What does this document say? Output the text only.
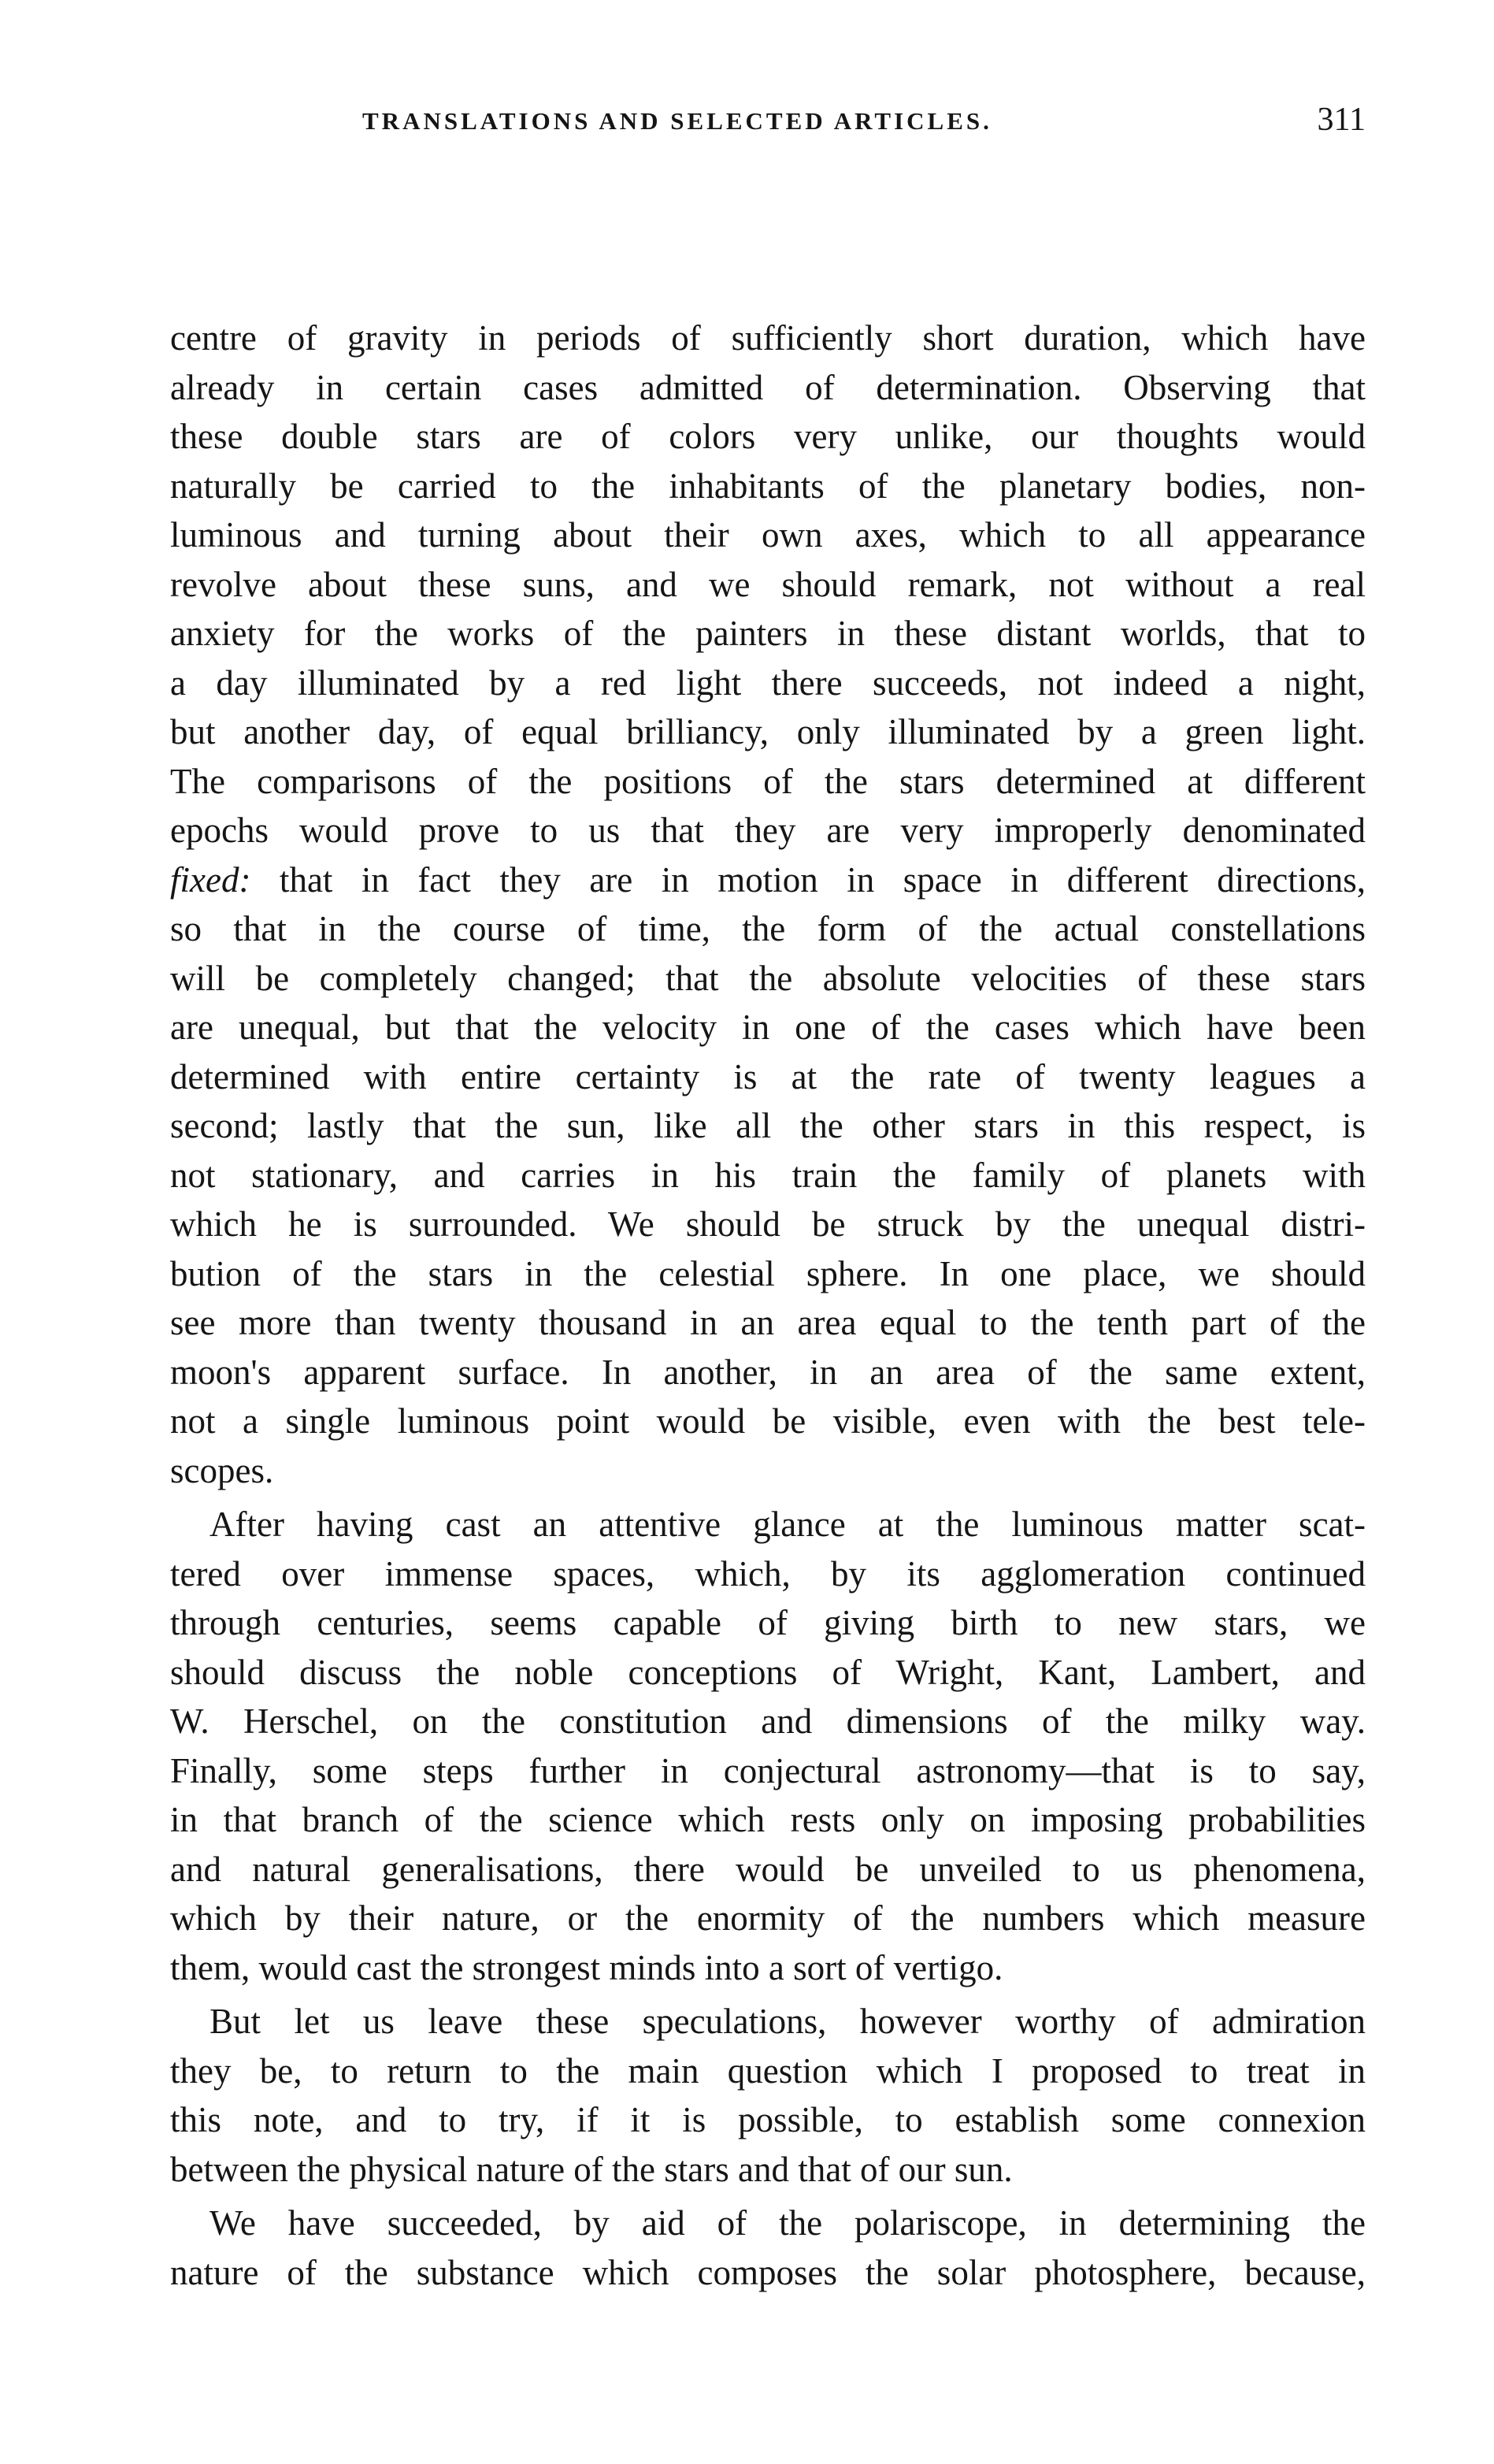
TRANSLATIONS AND SELECTED ARTICLES.	311
centre of gravity in periods of sufficiently short duration, which have
already in certain cases admitted of determination. Observing that
these double stars are of colors very unlike, our thoughts would
naturally be carried to the inhabitants of the planetary bodies, non-
luminous and turning about their own axes, which to all appearance
revolve about these suns, and we should remark, not without a real
anxiety for the works of the painters in these distant worlds, that to
a day illuminated by a red light there succeeds, not indeed a night,
but another day, of equal brilliancy, only illuminated by a green light.
The comparisons of the positions of the stars determined at different
epochs would prove to us that they are very improperly denominated
fixed: that in fact they are in motion in space in different directions,
so that in the course of time, the form of the actual constellations
will be completely changed; that the absolute velocities of these stars
are unequal, but that the velocity in one of the cases which have been
determined with entire certainty is at the rate of twenty leagues a
second; lastly that the sun, like all the other stars in this respect, is
not stationary, and carries in his train the family of planets with
which he is surrounded. We should be struck by the unequal distri-
bution of the stars in the celestial sphere. In one place, we should
see more than twenty thousand in an area equal to the tenth part of the
moon's apparent surface. In another, in an area of the same extent,
not a single luminous point would be visible, even with the best tele-
scopes.
After having cast an attentive glance at the luminous matter scat-
tered over immense spaces, which, by its agglomeration continued
through centuries, seems capable of giving birth to new stars, we
should discuss the noble conceptions of Wright, Kant, Lambert, and
W. Herschel, on the constitution and dimensions of the milky way.
Finally, some steps further in conjectural astronomy—that is to say,
in that branch of the science which rests only on imposing probabilities
and natural generalisations, there would be unveiled to us phenomena,
which by their nature, or the enormity of the numbers which measure
them, would cast the strongest minds into a sort of vertigo.
But let us leave these speculations, however worthy of admiration
they be, to return to the main question which I proposed to treat in
this note, and to try, if it is possible, to establish some connexion
between the physical nature of the stars and that of our sun.
We have succeeded, by aid of the polariscope, in determining the
nature of the substance which composes the solar photosphere, because,
